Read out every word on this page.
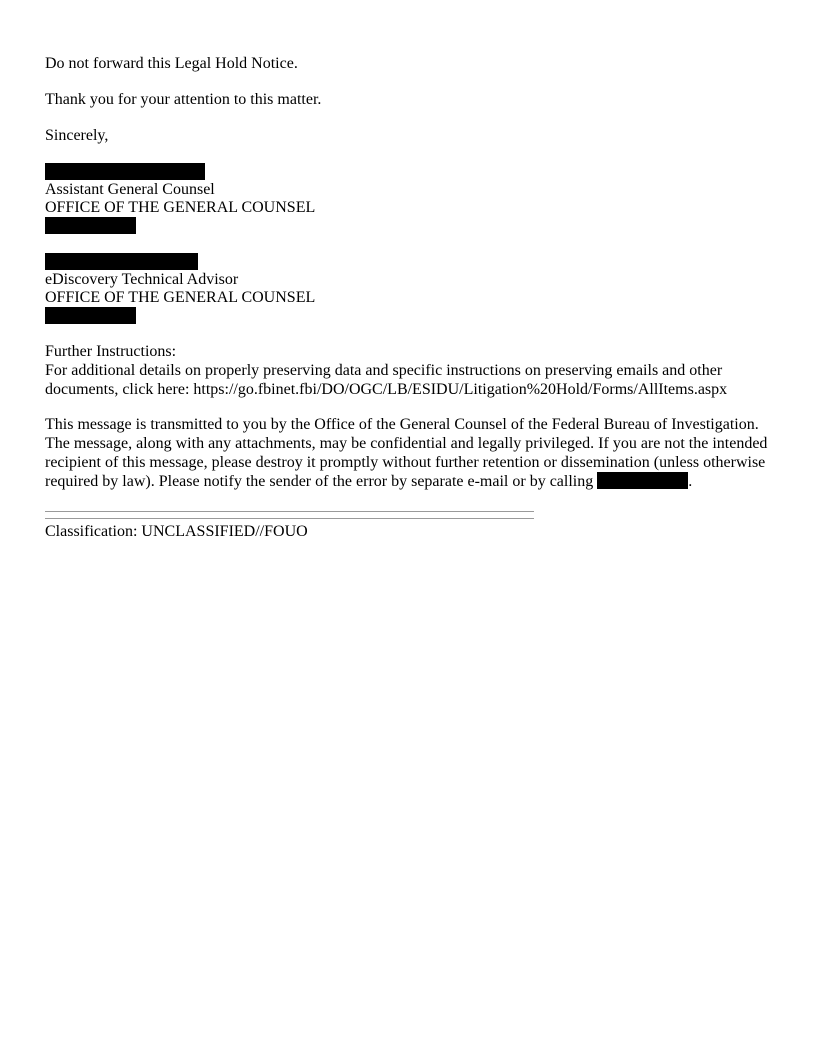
Do not forward this Legal Hold Notice.
Thank you for your attention to this matter.
Sincerely,
Assistant General Counsel
OFFICE OF THE GENERAL COUNSEL
eDiscovery Technical Advisor
OFFICE OF THE GENERAL COUNSEL
Further Instructions:
For additional details on properly preserving data and specific instructions on preserving emails and other documents, click here: https://go.fbinet.fbi/DO/OGC/LB/ESIDU/Litigation%20Hold/Forms/AllItems.aspx
This message is transmitted to you by the Office of the General Counsel of the Federal Bureau of Investigation. The message, along with any attachments, may be confidential and legally privileged. If you are not the intended recipient of this message, please destroy it promptly without further retention or dissemination (unless otherwise required by law). Please notify the sender of the error by separate e-mail or by calling	.
Classification: UNCLASSIFIED//FOUO
